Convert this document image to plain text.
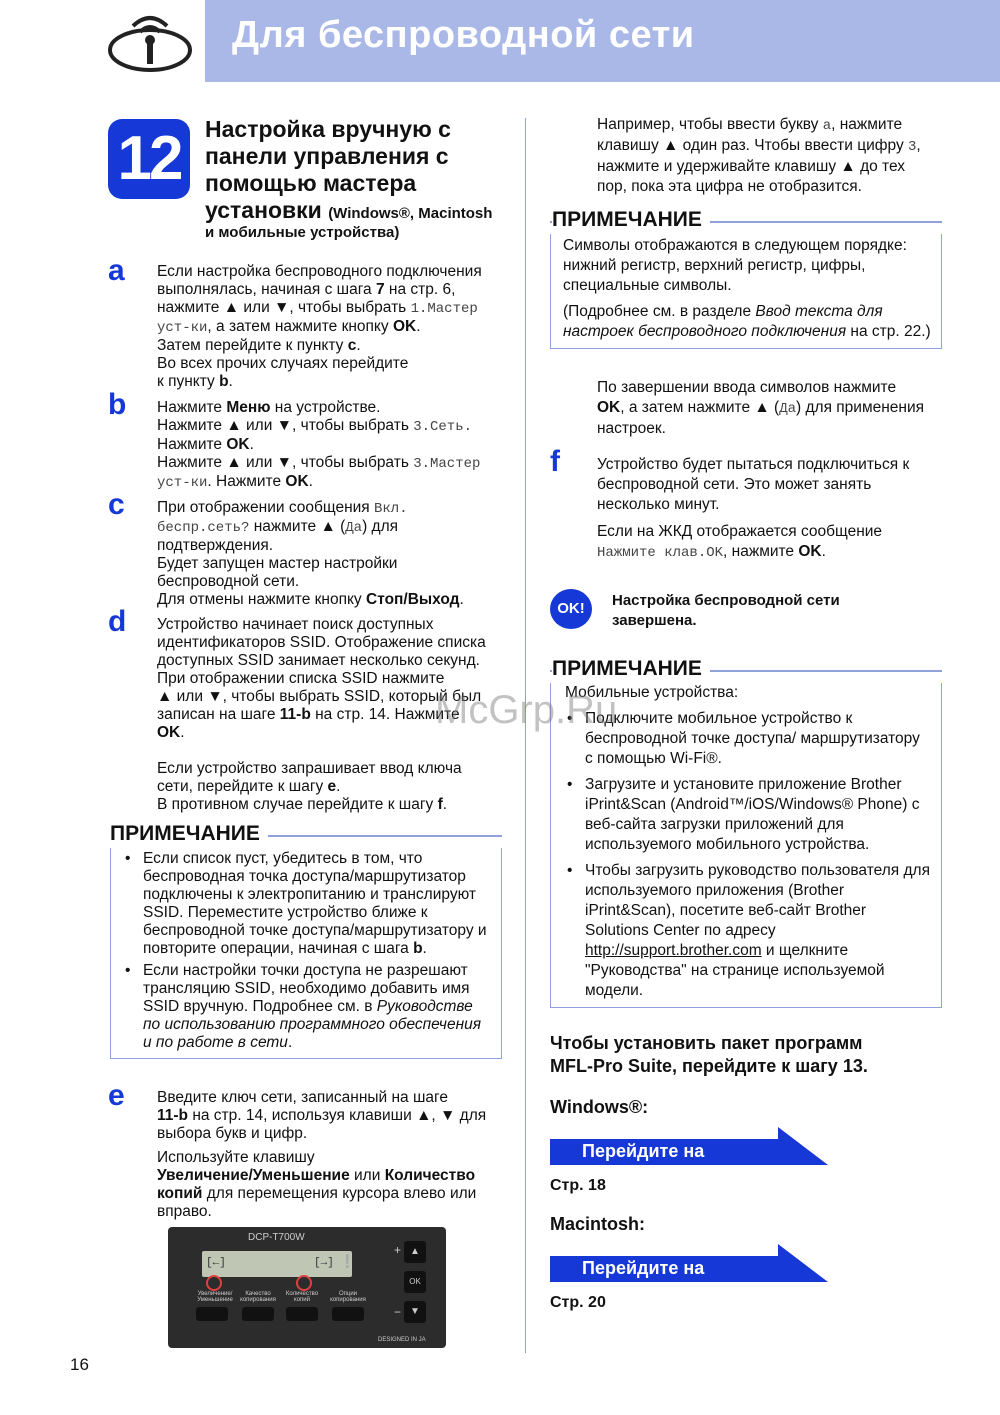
Для беспроводной сети
12	Настройка вручную с
панели управления с
помощью мастера
установки (Windows®, Macintosh
и мобильные устройства)
a Если настройка беспроводного подключения
выполнялась, начиная с шага 7 на стр. 6,
нажмите ▲ или ▼, чтобы выбрать 1.Мастер
уст-ки, а затем нажмите кнопку OK.
Затем перейдите к пункту c.
Во всех прочих случаях перейдите
к пункту b.
b Нажмите Меню на устройстве.
Нажмите ▲ или ▼, чтобы выбрать 3.Сеть.
Нажмите OK.
Нажмите ▲ или ▼, чтобы выбрать 3.Мастер
уст-ки. Нажмите OK.
c При отображении сообщения Вкл.
беспр.сеть? нажмите ▲ (Да) для
подтверждения.
Будет запущен мастер настройки
беспроводной сети.
Для отмены нажмите кнопку Стоп/Выход.
d Устройство начинает поиск доступных
идентификаторов SSID. Отображение списка
доступных SSID занимает несколько секунд.
При отображении списка SSID нажмите
▲ или ▼, чтобы выбрать SSID, который был
записан на шаге 11-b на стр. 14. Нажмите
OK.
Если устройство запрашивает ввод ключа
сети, перейдите к шагу e.
В противном случае перейдите к шагу f.
ПРИМЕЧАНИЕ
• Если список пуст, убедитесь в том, что беспроводная точка доступа/маршрутизатор подключены к электропитанию и транслируют SSID. Переместите устройство ближе к беспроводной точке доступа/маршрутизатору и повторите операции, начиная с шага b.
• Если настройки точки доступа не разрешают трансляцию SSID, необходимо добавить имя SSID вручную. Подробнее см. в Руководстве по использованию программного обеспечения и по работе в сети.
e Введите ключ сети, записанный на шаге
11-b на стр. 14, используя клавиши ▲, ▼ для
выбора букв и цифр.
Используйте клавишу
Увеличение/Уменьшение или Количество
копий для перемещения курсора влево или
вправо.
DCP-T700W
[←]	[→] !
Увеличение/ Уменьшение
Качество копирования
Количество копий
Опции копирования
+ ▲
OK
− ▼
DESIGNED IN JA
Например, чтобы ввести букву a, нажмите
клавишу ▲ один раз. Чтобы ввести цифру 3,
нажмите и удерживайте клавишу ▲ до тех
пор, пока эта цифра не отобразится.
ПРИМЕЧАНИЕ
Символы отображаются в следующем порядке: нижний регистр, верхний регистр, цифры, специальные символы.
(Подробнее см. в разделе Ввод текста для настроек беспроводного подключения на стр. 22.)
По завершении ввода символов нажмите
OK, а затем нажмите ▲ (Да) для применения
настроек.
f Устройство будет пытаться подключиться к
беспроводной сети. Это может занять
несколько минут.
Если на ЖКД отображается сообщение
Нажмите клав.OK, нажмите OK.
OK!	Настройка беспроводной сети
завершена.
ПРИМЕЧАНИЕ
Мобильные устройства:
• Подключите мобильное устройство к беспроводной точке доступа/ маршрутизатору с помощью Wi-Fi®.
• Загрузите и установите приложение Brother iPrint&Scan (Android™/iOS/Windows® Phone) с веб-сайта загрузки приложений для используемого мобильного устройства.
• Чтобы загрузить руководство пользователя для используемого приложения (Brother iPrint&Scan), посетите веб-сайт Brother Solutions Center по адресу http://support.brother.com и щелкните "Руководства" на странице используемой модели.
Чтобы установить пакет программ
MFL-Pro Suite, перейдите к шагу 13.
Windows®:
Перейдите на
Стр. 18
Macintosh:
Перейдите на
Стр. 20
16
McGrp.Ru
